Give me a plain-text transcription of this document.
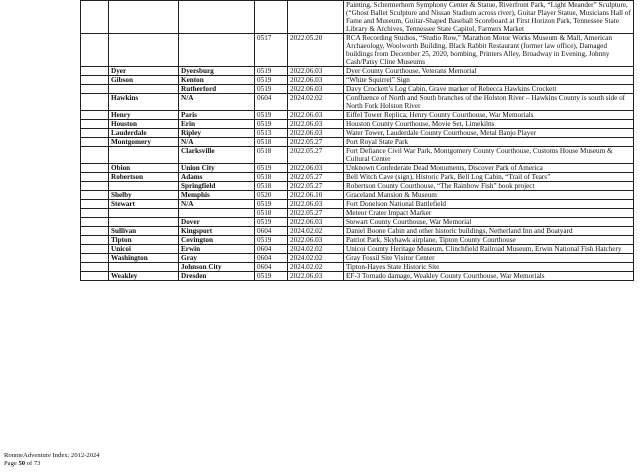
					Painting, Schermerhorn Symphony Center & Statue, Riverfront Park, “Light Meander” Sculpture, (“Ghost Ballet Sculpture and Nissan Stadium across river), Guitar Player Statue, Musicians Hall of Fame and Museum, Guitar-Shaped Baseball Scoreboard at First Horizon Park, Tennessee State Library & Archives, Tennessee State Capitol, Farmers Market
			0517	2022.05.20	RCA Recording Studios, “Studio Row,” Marathon Motor Works Museum & Mall, American Archaeology, Woolworth Building, Black Rabbit Restaurant (former law office), Damaged buildings from December 25, 2020, bombing, Printers Alley, Broadway in Evening, Johnny Cash/Patsy Cline Museums
	Dyer	Dyersburg	0519	2022.06.03	Dyer County Courthouse, Veterans Memorial
	Gibson	Kenton	0519	2022.06.03	“White Squirrel” Sign
		Rutherford	0519	2022.06.03	Davy Crockett’s Log Cabin, Grave marker of Rebecca Hawkins Crockett
	Hawkins	N/A	0604	2024.02.02	Confluence of North and South branches of the Holston River – Hawkins County is south side of North Fork Holston River
	Henry	Paris	0519	2022.06.03	Eiffel Tower Replica, Henry County Courthouse, War Memorials
	Houston	Erin	0519	2022.06.03	Houston County Courthouse, Movie Set, Limekilns
	Lauderdale	Ripley	0513	2022.06.03	Water Tower, Lauderdale County Courthouse, Metal Banjo Player
	Montgomery	N/A	0518	2022.05.27	Port Royal State Park
		Clarksville	0518	2022.05.27	Fort Defiance Civil War Park, Montgomery County Courthouse, Customs House Museum & Cultural Center
	Obion	Union City	0519	2022.06.03	Unknown Confederate Dead Monuments, Discover Park of America
	Robertson	Adams	0518	2022.05.27	Bell Witch Cave (sign), Historic Park, Bell Log Cabin, “Trail of Tears”
		Springfield	0518	2022.05.27	Robertson County Courthouse, “The Rainbow Fish” book project
	Shelby	Memphis	0520	2022.06.10	Graceland Mansion & Museum
	Stewart	N/A	0519	2022.06.03	Fort Donelson National Battlefield
			0518	2022.05.27	Meteor Crater Impact Marker
		Dover	0519	2022.06.03	Stewart County Courthouse, War Memorial
	Sullivan	Kingsport	0604	2024.02.02	Daniel Boone Cabin and other historic buildings, Netherland Inn and Boatyard
	Tipton	Covington	0519	2022.06.03	Patriot Park, Skyhawk airplane, Tipton County Courthouse
	Unicoi	Erwin	0604	2024.02.02	Unicoi County Heritage Museum, Clinchfield Railroad Museum, Erwin National Fish Hatchery
	Washington	Gray	0604	2024.02.02	Gray Fossil Site Visitor Center
		Johnson City	0604	2024.02.02	Tipton-Hayes State Historic Site
	Weakley	Dresden	0519	2022.06.03	EF-3 Tornado damage, Weakley County Courthouse, War Memorials
RonnieAdventure Index: 2012-2024
Page 50 of 73
